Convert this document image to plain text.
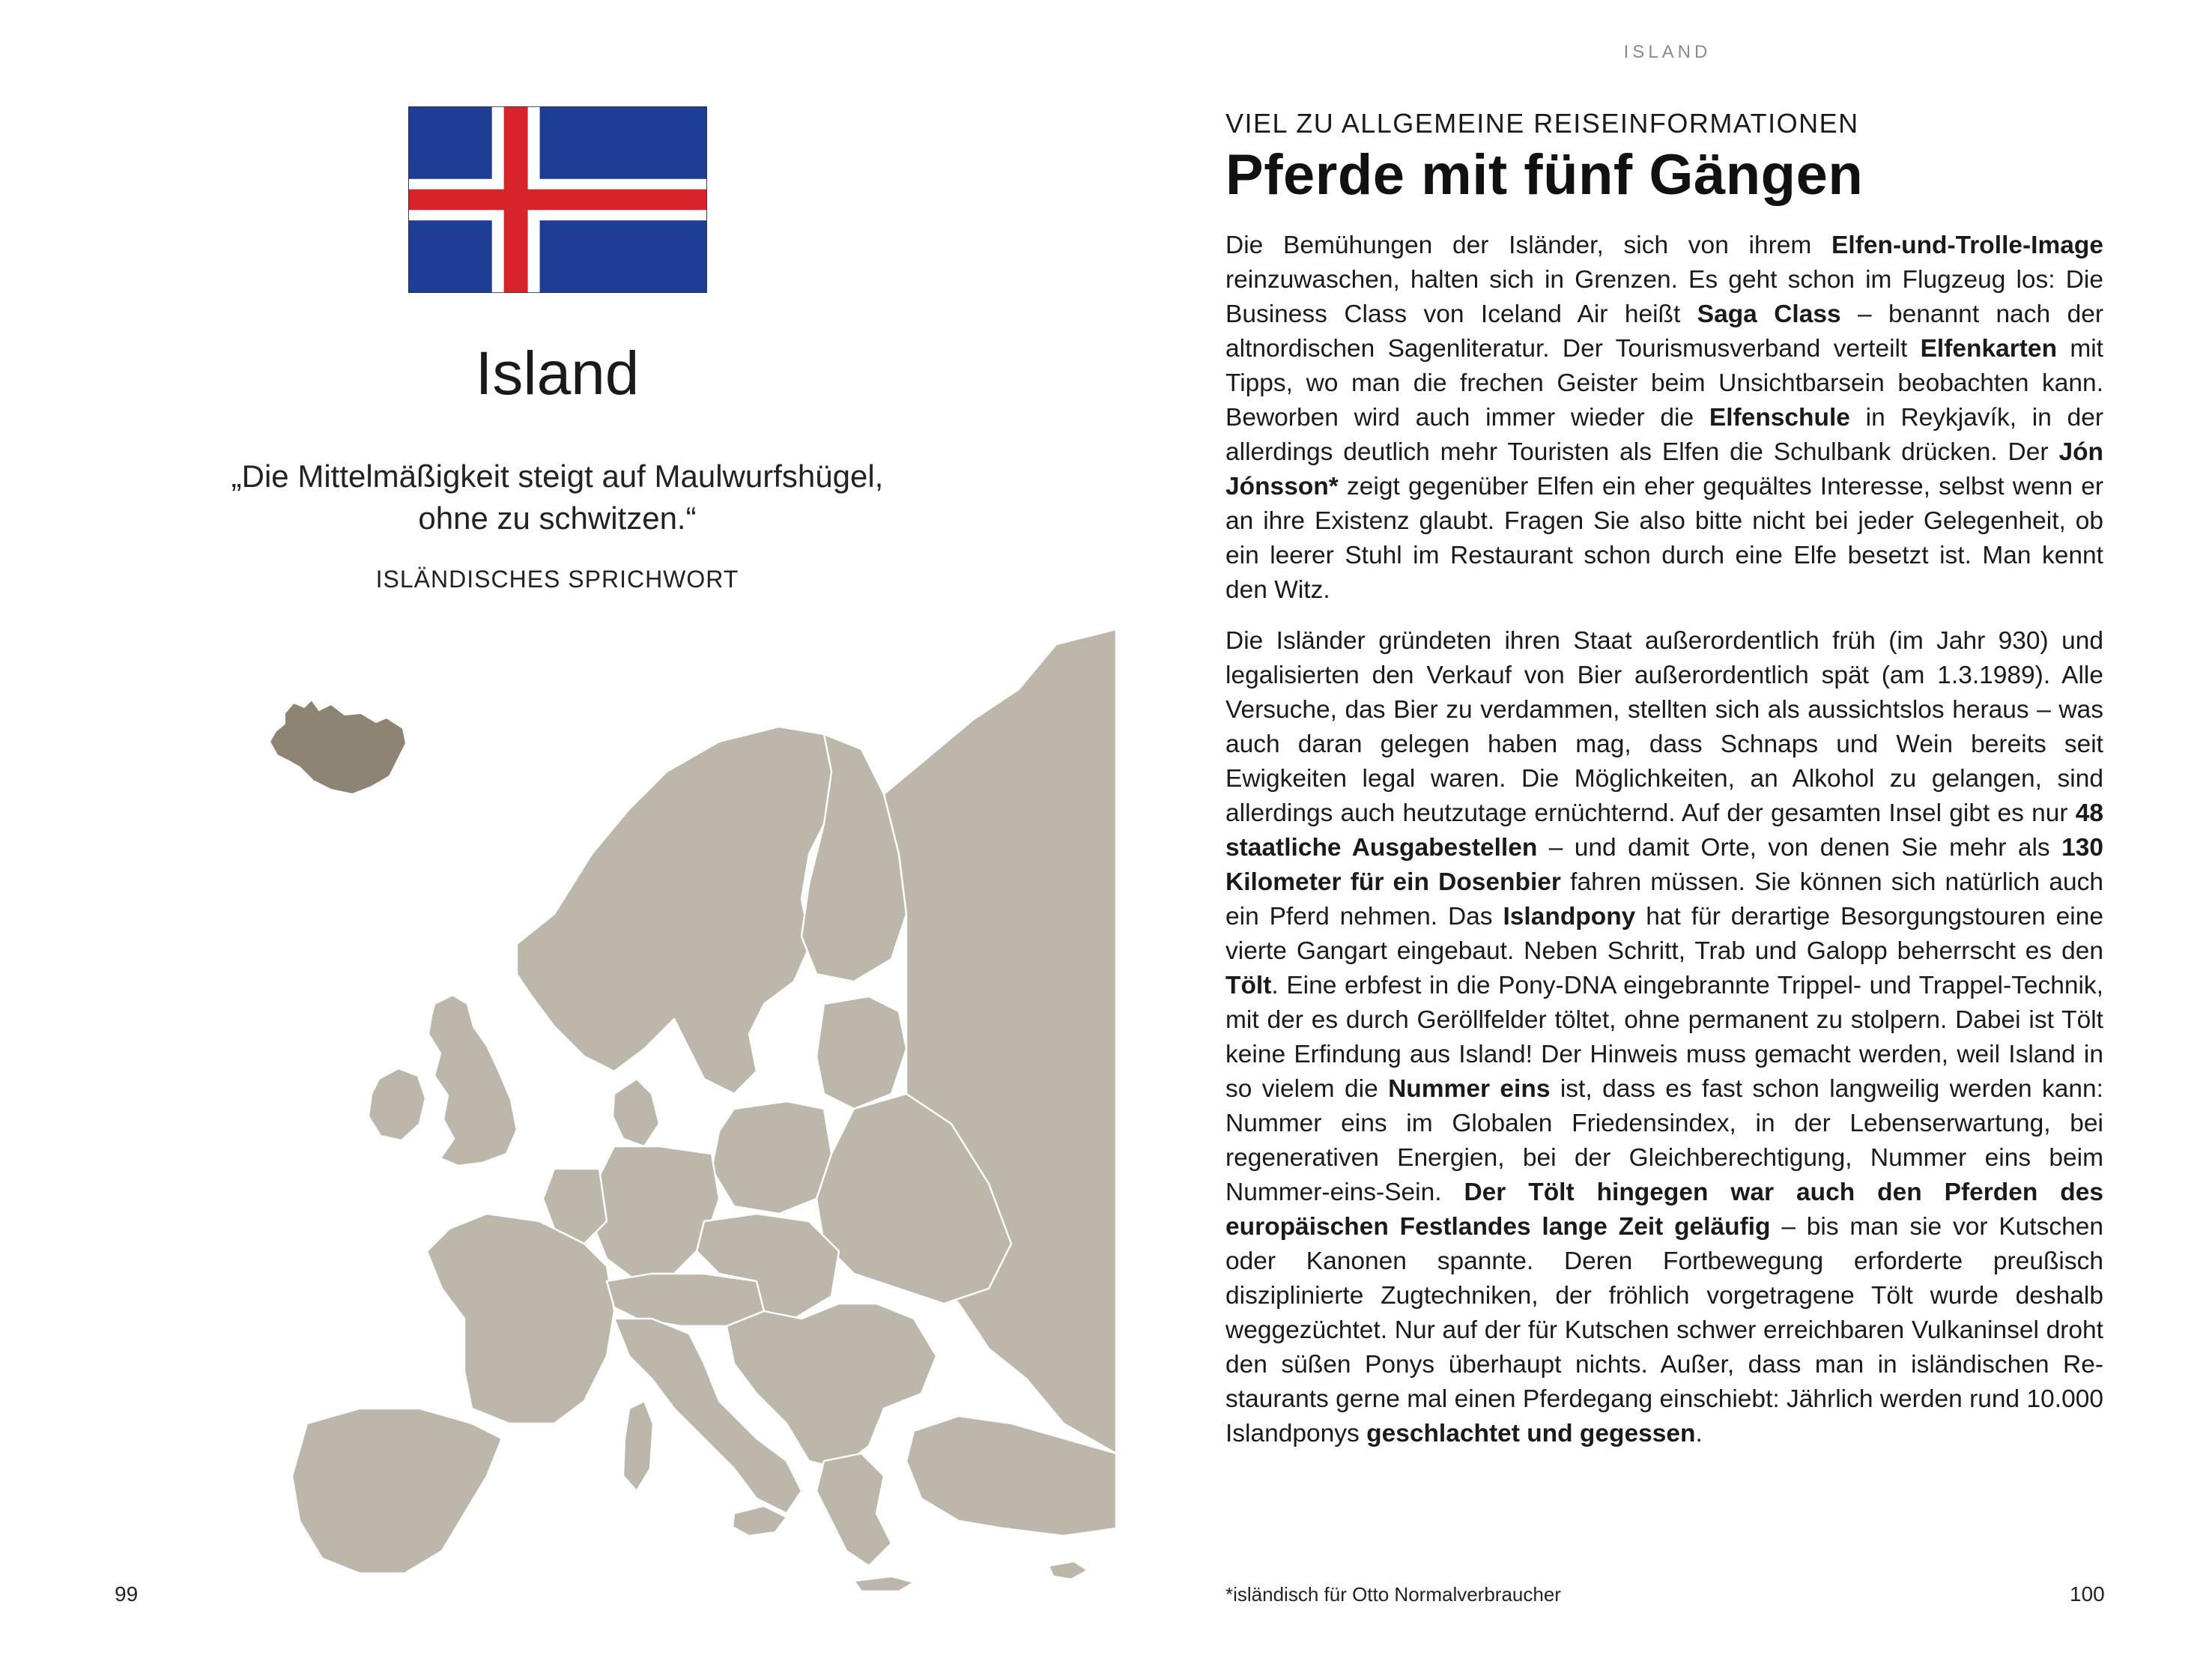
Island

„Die Mittelmäßigkeit steigt auf Maulwurfshügel,
ohne zu schwitzen.“

ISLÄNDISCHES SPRICHWORT

99
ISLAND

VIEL ZU ALLGEMEINE REISEINFORMATIONEN

Pferde mit fünf Gängen

Die Bemühungen der Isländer, sich von ihrem Elfen-und-Trolle-Image reinzuwaschen, halten sich in Grenzen. Es geht schon im Flugzeug los: Die Business Class von Iceland Air heißt Saga Class – benannt nach der altnordischen Sagenliteratur. Der Tourismusverband verteilt Elfenkarten mit Tipps, wo man die frechen Geister beim Unsichtbarsein beobachten kann. Beworben wird auch immer wieder die Elfenschule in Reykjavík, in der allerdings deutlich mehr Touristen als Elfen die Schulbank drücken. Der Jón Jónsson* zeigt gegenüber Elfen ein eher gequältes Interesse, selbst wenn er an ihre Existenz glaubt. Fragen Sie also bitte nicht bei jeder Gelegenheit, ob ein leerer Stuhl im Restaurant schon durch eine Elfe besetzt ist. Man kennt den Witz.

Die Isländer gründeten ihren Staat außerordentlich früh (im Jahr 930) und legalisierten den Verkauf von Bier außerordentlich spät (am 1.3.1989). Alle Versuche, das Bier zu verdammen, stellten sich als aussichtslos heraus – was auch daran gelegen haben mag, dass Schnaps und Wein bereits seit Ewigkeiten legal waren. Die Möglichkeiten, an Alkohol zu gelangen, sind allerdings auch heutzutage ernüchternd. Auf der gesamten Insel gibt es nur 48 staatliche Ausgabestellen – und damit Orte, von denen Sie mehr als 130 Kilometer für ein Dosenbier fahren müssen. Sie können sich natürlich auch ein Pferd nehmen. Das Islandpony hat für derartige Besorgungstouren eine vierte Gangart eingebaut. Neben Schritt, Trab und Galopp beherrscht es den Tölt. Eine erbfest in die Pony-DNA eingebrannte Trippel- und Trappel-Technik, mit der es durch Geröllfelder töltet, ohne permanent zu stolpern. Dabei ist Tölt keine Erfindung aus Island! Der Hinweis muss gemacht werden, weil Island in so vielem die Nummer eins ist, dass es fast schon langweilig werden kann: Nummer eins im Globalen Friedensindex, in der Lebenserwartung, bei regenerativen Energien, bei der Gleichberechtigung, Nummer eins beim Nummer-eins-Sein. Der Tölt hingegen war auch den Pferden des europäischen Festlandes lange Zeit geläufig – bis man sie vor Kutschen oder Kanonen spannte. Deren Fortbewegung erforderte preußisch disziplinierte Zugtechniken, der fröhlich vorgetragene Tölt wurde deshalb weggezüchtet. Nur auf der für Kutschen schwer erreichbaren Vulkaninsel droht den süßen Ponys überhaupt nichts. Außer, dass man in isländischen Restaurants gerne mal einen Pferdegang einschiebt: Jährlich werden rund 10.000 Islandponys geschlachtet und gegessen.

*isländisch für Otto Normalverbraucher	100
